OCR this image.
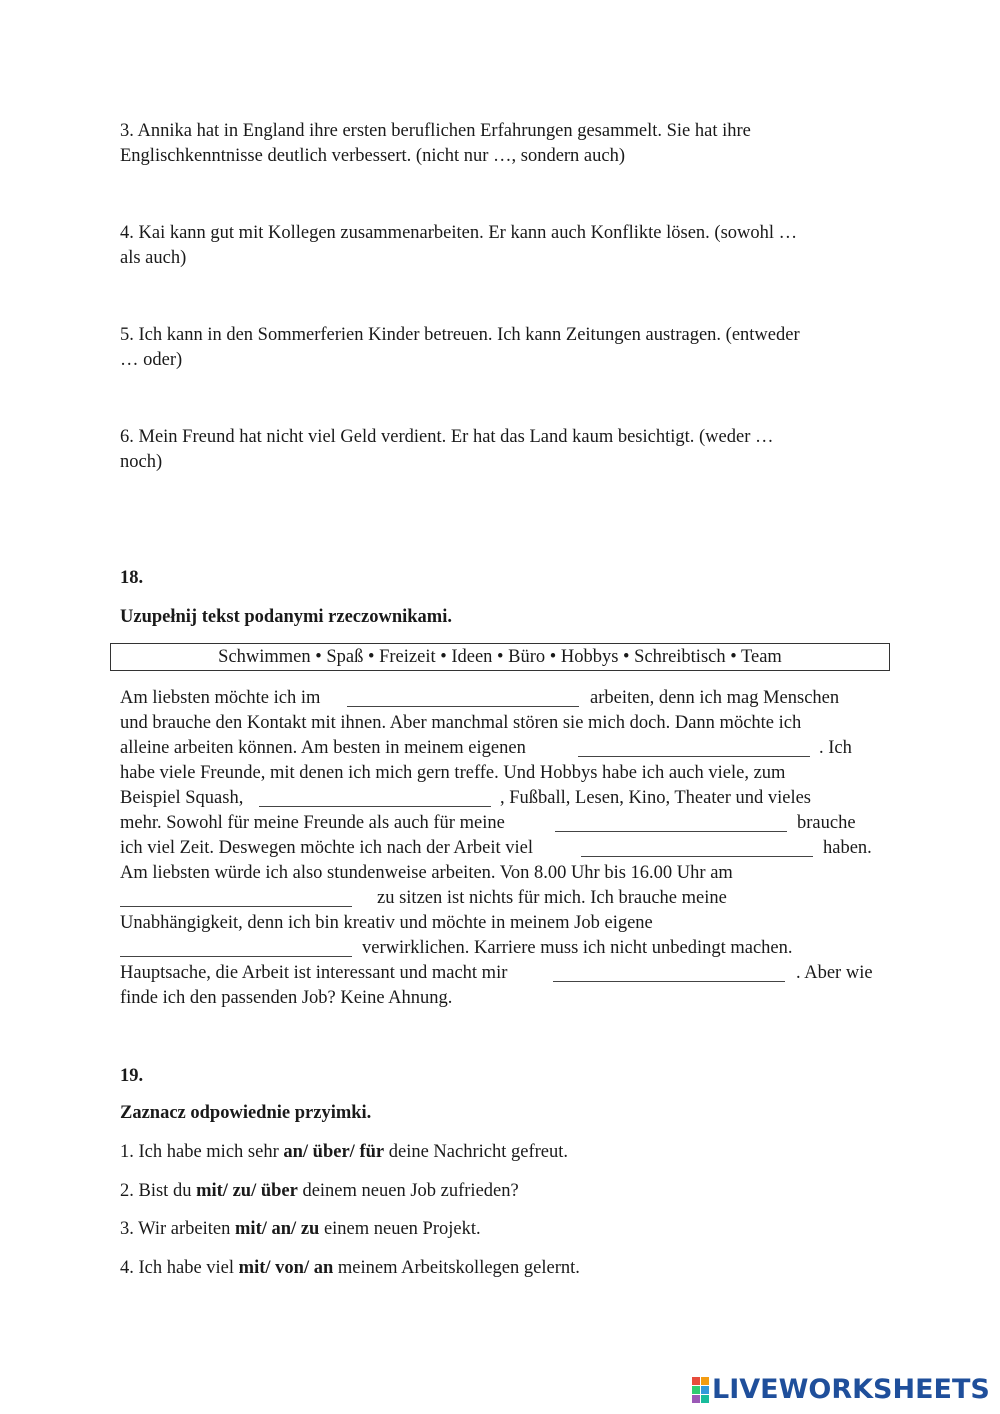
3. Annika hat in England ihre ersten beruflichen Erfahrungen gesammelt. Sie hat ihre
Englischkenntnisse deutlich verbessert. (nicht nur …, sondern auch)
4. Kai kann gut mit Kollegen zusammenarbeiten. Er kann auch Konflikte lösen. (sowohl …
als auch)
5. Ich kann in den Sommerferien Kinder betreuen. Ich kann Zeitungen austragen. (entweder
… oder)
6. Mein Freund hat nicht viel Geld verdient. Er hat das Land kaum besichtigt. (weder …
noch)
18.
Uzupełnij tekst podanymi rzeczownikami.
Schwimmen • Spaß • Freizeit • Ideen • Büro • Hobbys • Schreibtisch • Team
Am liebsten möchte ich im	arbeiten, denn ich mag Menschen
und brauche den Kontakt mit ihnen. Aber manchmal stören sie mich doch. Dann möchte ich
alleine arbeiten können. Am besten in meinem eigenen	. Ich
habe viele Freunde, mit denen ich mich gern treffe. Und Hobbys habe ich auch viele, zum
Beispiel Squash,	, Fußball, Lesen, Kino, Theater und vieles
mehr. Sowohl für meine Freunde als auch für meine	brauche
ich viel Zeit. Deswegen möchte ich nach der Arbeit viel	haben.
Am liebsten würde ich also stundenweise arbeiten. Von 8.00 Uhr bis 16.00 Uhr am
zu sitzen ist nichts für mich. Ich brauche meine
Unabhängigkeit, denn ich bin kreativ und möchte in meinem Job eigene
verwirklichen. Karriere muss ich nicht unbedingt machen.
Hauptsache, die Arbeit ist interessant und macht mir	. Aber wie
finde ich den passenden Job? Keine Ahnung.
19.
Zaznacz odpowiednie przyimki.
1. Ich habe mich sehr an/ über/ für deine Nachricht gefreut.
2. Bist du mit/ zu/ über deinem neuen Job zufrieden?
3. Wir arbeiten mit/ an/ zu einem neuen Projekt.
4. Ich habe viel mit/ von/ an meinem Arbeitskollegen gelernt.
LIVEWORKSHEETS
